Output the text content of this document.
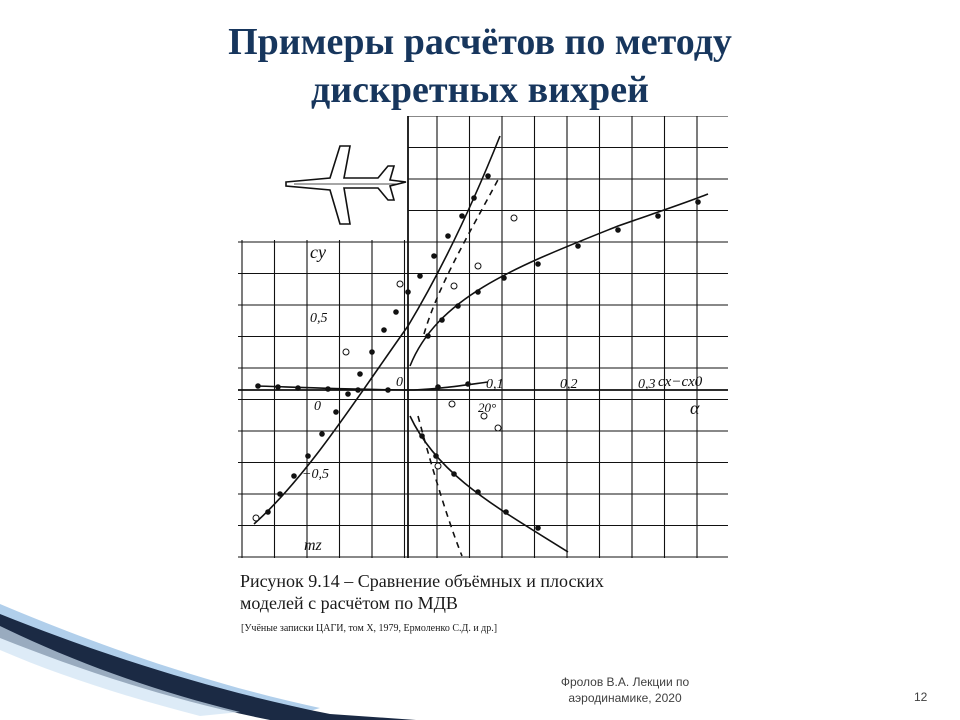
Примеры расчётов по методу
дискретных вихрей
cy
mz
α
cx−cx0
0,5
−0,5
0
0	0,1	0,2	0,3
20°
Рисунок 9.14 – Сравнение объёмных и плоских
моделей с расчётом по МДВ
[Учёные записки ЦАГИ, том X, 1979, Ермоленко С.Д. и др.]
Фролов В.А. Лекции по
аэродинамике, 2020	12
